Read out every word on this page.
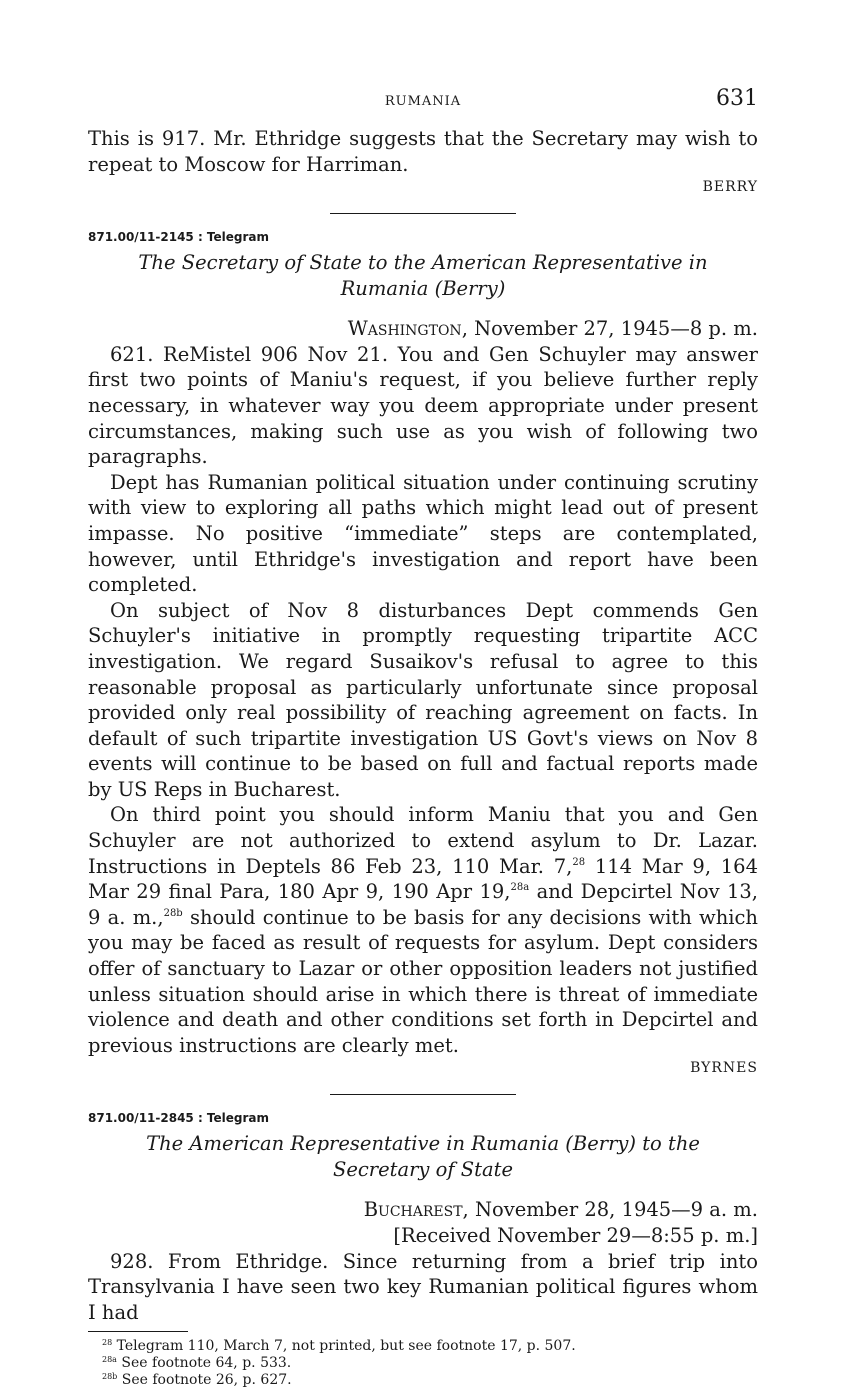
RUMANIA	631

This is 917. Mr. Ethridge suggests that the Secretary may wish to repeat to Moscow for Harriman.

BERRY
871.00/11-2145 : Telegram
The Secretary of State to the American Representative in Rumania (Berry)
Washington, November 27, 1945—8 p. m.

621. ReMistel 906 Nov 21. You and Gen Schuyler may answer first two points of Maniu's request, if you believe further reply necessary, in whatever way you deem appropriate under present circumstances, making such use as you wish of following two paragraphs.

Dept has Rumanian political situation under continuing scrutiny with view to exploring all paths which might lead out of present impasse. No positive “immediate” steps are contemplated, however, until Ethridge's investigation and report have been completed.

On subject of Nov 8 disturbances Dept commends Gen Schuyler's initiative in promptly requesting tripartite ACC investigation. We regard Susaikov's refusal to agree to this reasonable proposal as particularly unfortunate since proposal provided only real possibility of reaching agreement on facts. In default of such tripartite investigation US Govt's views on Nov 8 events will continue to be based on full and factual reports made by US Reps in Bucharest.

On third point you should inform Maniu that you and Gen Schuyler are not authorized to extend asylum to Dr. Lazar. Instructions in Deptels 86 Feb 23, 110 Mar. 7,28 114 Mar 9, 164 Mar 29 final Para, 180 Apr 9, 190 Apr 19,$^{28a}$ and Depcirtel Nov 13, 9 a. m.,$^{28b}$ should continue to be basis for any decisions with which you may be faced as result of requests for asylum. Dept considers offer of sanctuary to Lazar or other opposition leaders not justified unless situation should arise in which there is threat of immediate violence and death and other conditions set forth in Depcirtel and previous instructions are clearly met.

BYRNES
871.00/11-2845 : Telegram
The American Representative in Rumania (Berry) to the Secretary of State
Bucharest, November 28, 1945—9 a. m.
[Received November 29—8:55 p. m.]

928. From Ethridge. Since returning from a brief trip into Transylvania I have seen two key Rumanian political figures whom I had

$^{28}$ Telegram 110, March 7, not printed, but see footnote 17, p. 507.
$^{28a}$ See footnote 64, p. 533.
$^{28b}$ See footnote 26, p. 627.
